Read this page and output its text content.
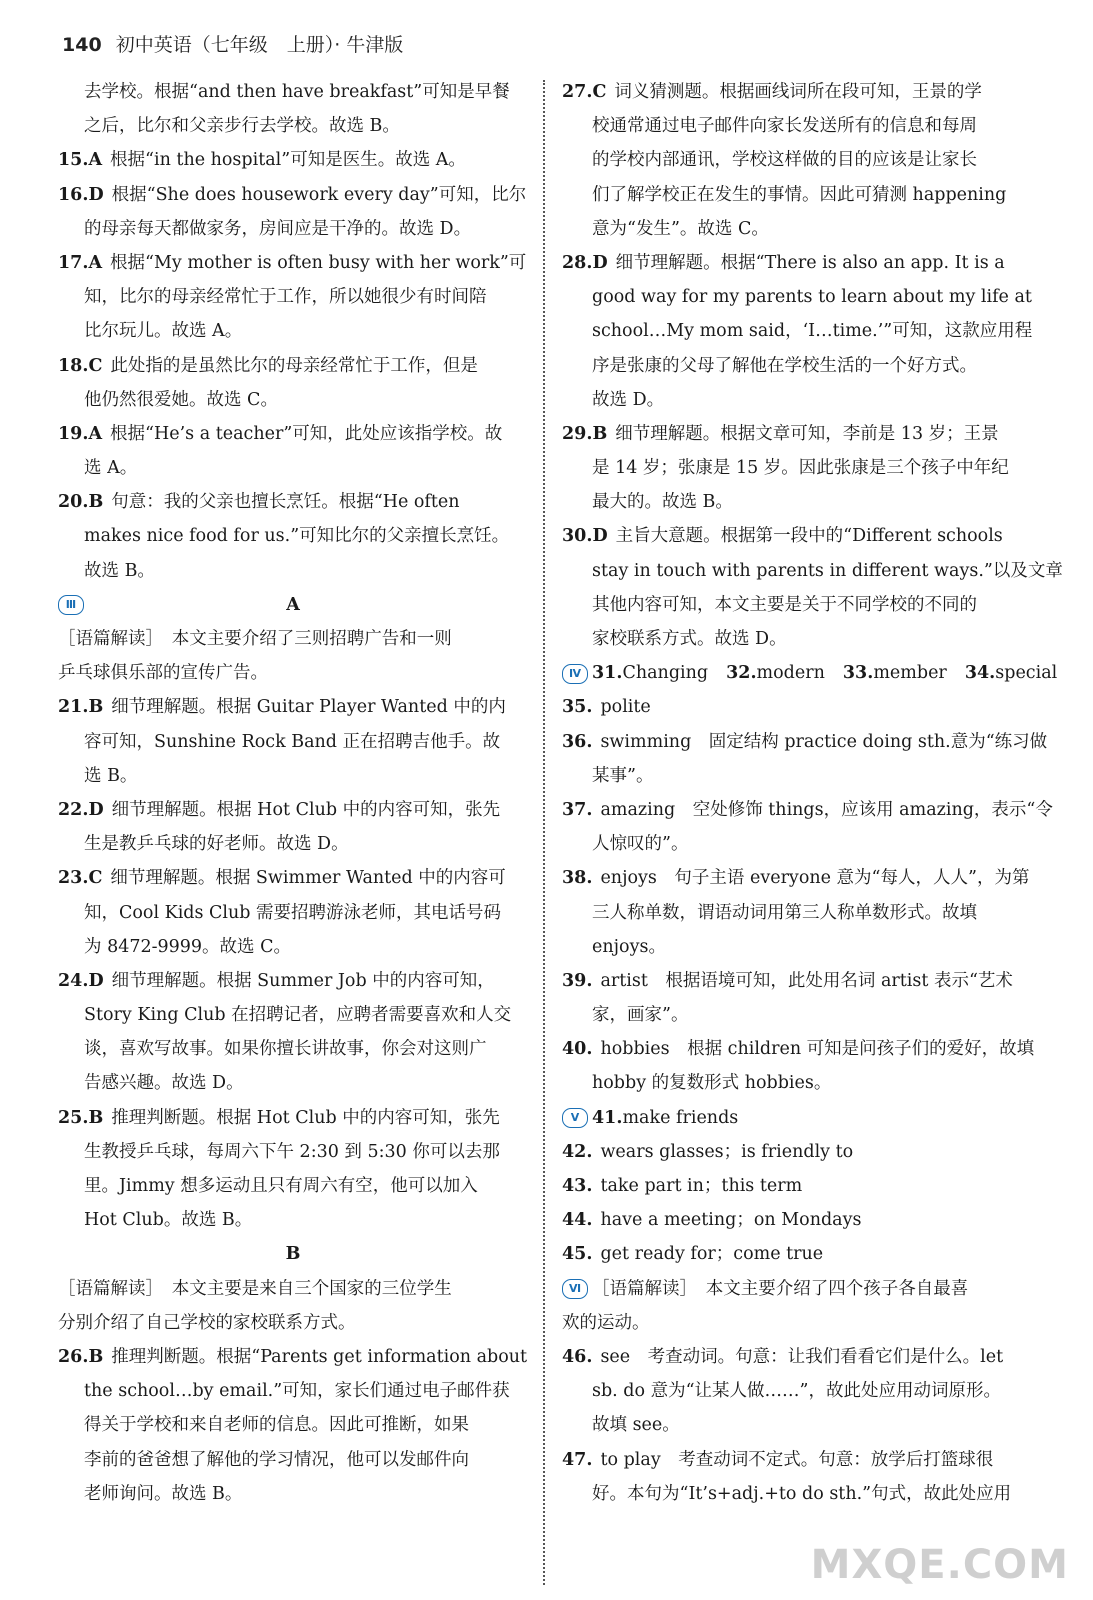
140 初中英语（七年级　上册）· 牛津版
去学校。根据“and then have breakfast”可知是早餐
之后，比尔和父亲步行去学校。故选 B。
15.A 根据“in the hospital”可知是医生。故选 A。
16.D 根据“She does housework every day”可知，比尔
的母亲每天都做家务，房间应是干净的。故选 D。
17.A 根据“My mother is often busy with her work”可
知，比尔的母亲经常忙于工作，所以她很少有时间陪
比尔玩儿。故选 A。
18.C 此处指的是虽然比尔的母亲经常忙于工作，但是
他仍然很爱她。故选 C。
19.A 根据“He’s a teacher”可知，此处应该指学校。故
选 A。
20.B 句意：我的父亲也擅长烹饪。根据“He often
makes nice food for us.”可知比尔的父亲擅长烹饪。
故选 B。
Ⅲ	A
［语篇解读］　本文主要介绍了三则招聘广告和一则
乒乓球俱乐部的宣传广告。
21.B 细节理解题。根据 Guitar Player Wanted 中的内
容可知，Sunshine Rock Band 正在招聘吉他手。故
选 B。
22.D 细节理解题。根据 Hot Club 中的内容可知，张先
生是教乒乓球的好老师。故选 D。
23.C 细节理解题。根据 Swimmer Wanted 中的内容可
知，Cool Kids Club 需要招聘游泳老师，其电话号码
为 8472-9999。故选 C。
24.D 细节理解题。根据 Summer Job 中的内容可知，
Story King Club 在招聘记者，应聘者需要喜欢和人交
谈，喜欢写故事。如果你擅长讲故事，你会对这则广
告感兴趣。故选 D。
25.B 推理判断题。根据 Hot Club 中的内容可知，张先
生教授乒乓球，每周六下午 2:30 到 5:30 你可以去那
里。Jimmy 想多运动且只有周六有空，他可以加入
Hot Club。故选 B。
B
［语篇解读］　本文主要是来自三个国家的三位学生
分别介绍了自己学校的家校联系方式。
26.B 推理判断题。根据“Parents get information about
the school…by email.”可知，家长们通过电子邮件获
得关于学校和来自老师的信息。因此可推断，如果
李前的爸爸想了解他的学习情况，他可以发邮件向
老师询问。故选 B。
27.C 词义猜测题。根据画线词所在段可知，王景的学
校通常通过电子邮件向家长发送所有的信息和每周
的学校内部通讯，学校这样做的目的应该是让家长
们了解学校正在发生的事情。因此可猜测 happening
意为“发生”。故选 C。
28.D 细节理解题。根据“There is also an app. It is a
good way for my parents to learn about my life at
school…My mom said，‘I…time.’”可知，这款应用程
序是张康的父母了解他在学校生活的一个好方式。
故选 D。
29.B 细节理解题。根据文章可知，李前是 13 岁；王景
是 14 岁；张康是 15 岁。因此张康是三个孩子中年纪
最大的。故选 B。
30.D 主旨大意题。根据第一段中的“Different schools
stay in touch with parents in different ways.”以及文章
其他内容可知，本文主要是关于不同学校的不同的
家校联系方式。故选 D。
Ⅳ 31.Changing 32.modern 33.member 34.special
35. polite
36. swimming　固定结构 practice doing sth.意为“练习做
某事”。
37. amazing　空处修饰 things，应该用 amazing，表示“令
人惊叹的”。
38. enjoys　句子主语 everyone 意为“每人，人人”，为第
三人称单数，谓语动词用第三人称单数形式。故填
enjoys。
39. artist　根据语境可知，此处用名词 artist 表示“艺术
家，画家”。
40. hobbies　根据 children 可知是问孩子们的爱好，故填
hobby 的复数形式 hobbies。
Ⅴ 41.make friends
42. wears glasses；is friendly to
43. take part in；this term
44. have a meeting；on Mondays
45. get ready for；come true
Ⅵ ［语篇解读］　本文主要介绍了四个孩子各自最喜
欢的运动。
46. see　考查动词。句意：让我们看看它们是什么。let
sb. do 意为“让某人做……”，故此处应用动词原形。
故填 see。
47. to play　考查动词不定式。句意：放学后打篮球很
好。本句为“It’s+adj.+to do sth.”句式，故此处应用
MXQE.COM
